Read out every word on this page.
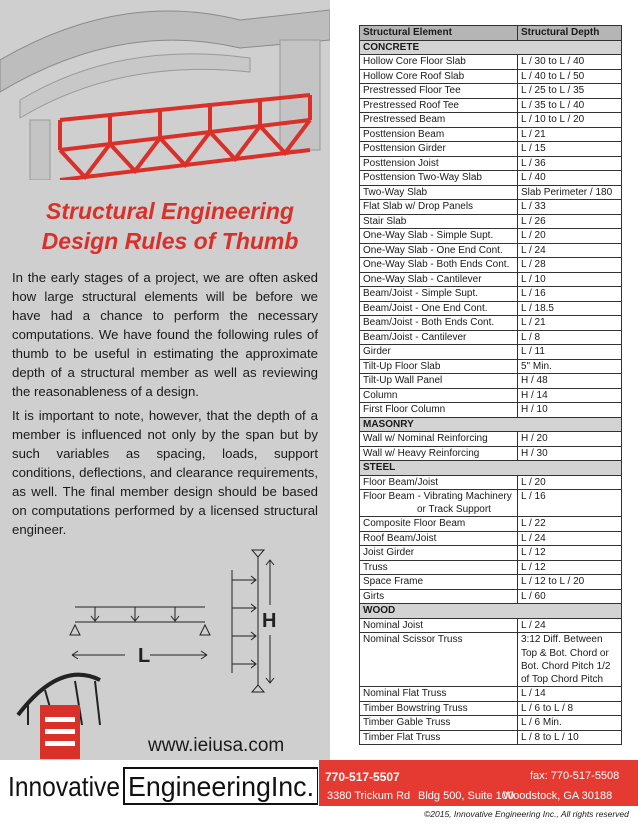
Structural Engineering
Design Rules of Thumb
In the early stages of a project, we are often asked how large structural elements will be before we have had a chance to perform the necessary computations. We have found the following rules of thumb to be useful in estimating the approximate depth of a structural member as well as reviewing the reasonableness of a design.
It is important to note, however, that the depth of a member is influenced not only by the span but by such variables as spacing, loads, support conditions, deflections, and clearance requirements, as well. The final member design should be based on computations performed by a licensed structural engineer.
L
H
www.ieiusa.com
Structural Element	Structural Depth
CONCRETE	
Hollow Core Floor Slab	L / 30 to L / 40
Hollow Core Roof Slab	L / 40 to L / 50
Prestressed Floor Tee	L / 25 to L / 35
Prestressed Roof Tee	L / 35 to L / 40
Prestressed Beam	L / 10 to L / 20
Posttension Beam	L / 21
Posttension Girder	L / 15
Posttension Joist	L / 36
Posttension Two-Way Slab	L / 40
Two-Way Slab	Slab Perimeter / 180
Flat Slab w/ Drop Panels	L / 33
Stair Slab	L / 26
One-Way Slab - Simple Supt.	L / 20
One-Way Slab - One End Cont.	L / 24
One-Way Slab - Both Ends Cont.	L / 28
One-Way Slab - Cantilever	L / 10
Beam/Joist - Simple Supt.	L / 16
Beam/Joist - One End Cont.	L / 18.5
Beam/Joist - Both Ends Cont.	L / 21
Beam/Joist - Cantilever	L / 8
Girder	L / 11
Tilt-Up Floor Slab	5" Min.
Tilt-Up Wall Panel	H / 48
Column	H / 14
First Floor Column	H / 10
MASONRY	
Wall w/ Nominal Reinforcing	H / 20
Wall w/ Heavy Reinforcing	H / 30
STEEL	
Floor Beam/Joist	L / 20

Floor Beam - Vibrating Machinery
or Track Support	L / 16
Composite Floor Beam	L / 22
Roof Beam/Joist	L / 24
Joist Girder	L / 12
Truss	L / 12
Space Frame	L / 12 to L / 20
Girts	L / 60
WOOD	
Nominal Joist	L / 24
Nominal Scissor Truss	3:12 Diff. Between
Top & Bot. Chord or
Bot. Chord Pitch 1/2
of Top Chord Pitch

Nominal Flat Truss	L / 14
Timber Bowstring Truss	L / 6 to L / 8
Timber Gable Truss	L / 6 Min.
Timber Flat Truss	L / 8 to L / 10
Innovative EngineeringInc. 770-517-5507	fax: 770-517-5508
3380 Trickum Rd Bldg 500, Suite 100
Woodstock, GA 30188
©2015, Innovative Engineering Inc., All rights reserved
